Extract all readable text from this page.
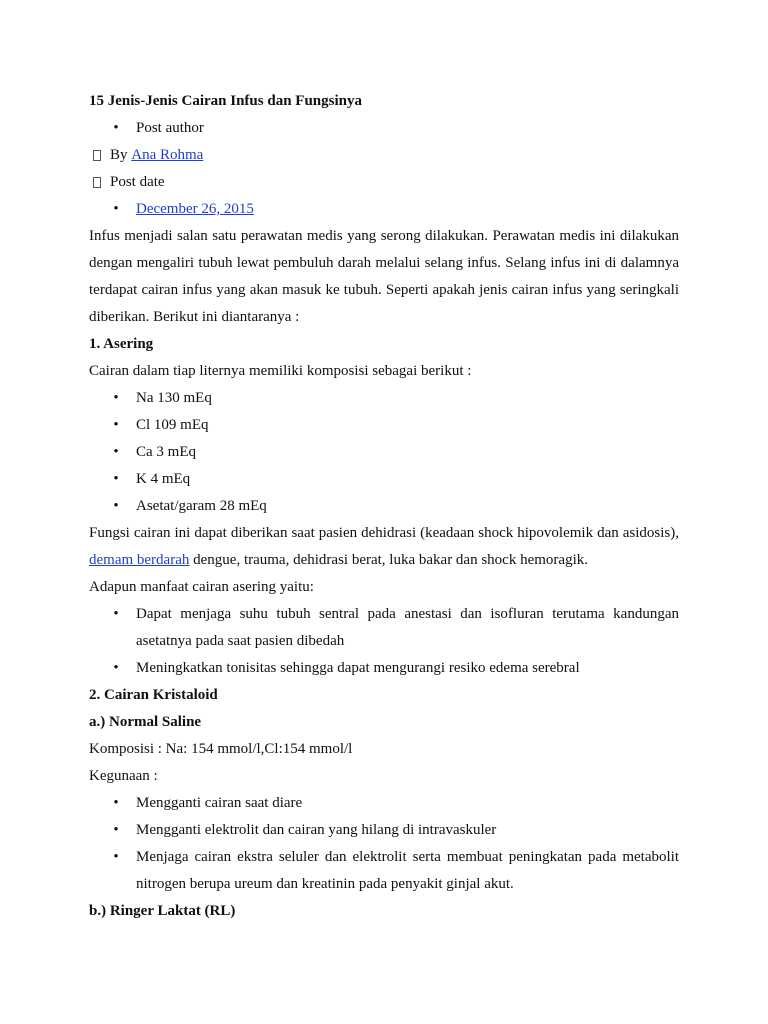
15 Jenis-Jenis Cairan Infus dan Fungsinya
• Post author
By Ana Rohma
Post date
• December 26, 2015

Infus menjadi salan satu perawatan medis yang serong dilakukan. Perawatan medis ini dilakukan dengan mengaliri tubuh lewat pembuluh darah melalui selang infus. Selang infus ini di dalamnya terdapat cairan infus yang akan masuk ke tubuh. Seperti apakah jenis cairan infus yang seringkali diberikan. Berikut ini diantaranya :

1. Asering
Cairan dalam tiap liternya memiliki komposisi sebagai berikut :
• Na 130 mEq
• Cl 109 mEq
• Ca 3 mEq
• K 4 mEq
• Asetat/garam 28 mEq

Fungsi cairan ini dapat diberikan saat pasien dehidrasi (keadaan shock hipovolemik dan asidosis), demam berdarah dengue, trauma, dehidrasi berat, luka bakar dan shock hemoragik.

Adapun manfaat cairan asering yaitu:
• Dapat menjaga suhu tubuh sentral pada anestasi dan isofluran terutama kandungan asetatnya pada saat pasien dibedah
• Meningkatkan tonisitas sehingga dapat mengurangi resiko edema serebral
2. Cairan Kristaloid
a.) Normal Saline
Komposisi : Na: 154 mmol/l,Cl:154 mmol/l
Kegunaan :
• Mengganti cairan saat diare
• Mengganti elektrolit dan cairan yang hilang di intravaskuler
• Menjaga cairan ekstra seluler dan elektrolit serta membuat peningkatan pada metabolit nitrogen berupa ureum dan kreatinin pada penyakit ginjal akut.
b.) Ringer Laktat (RL)
